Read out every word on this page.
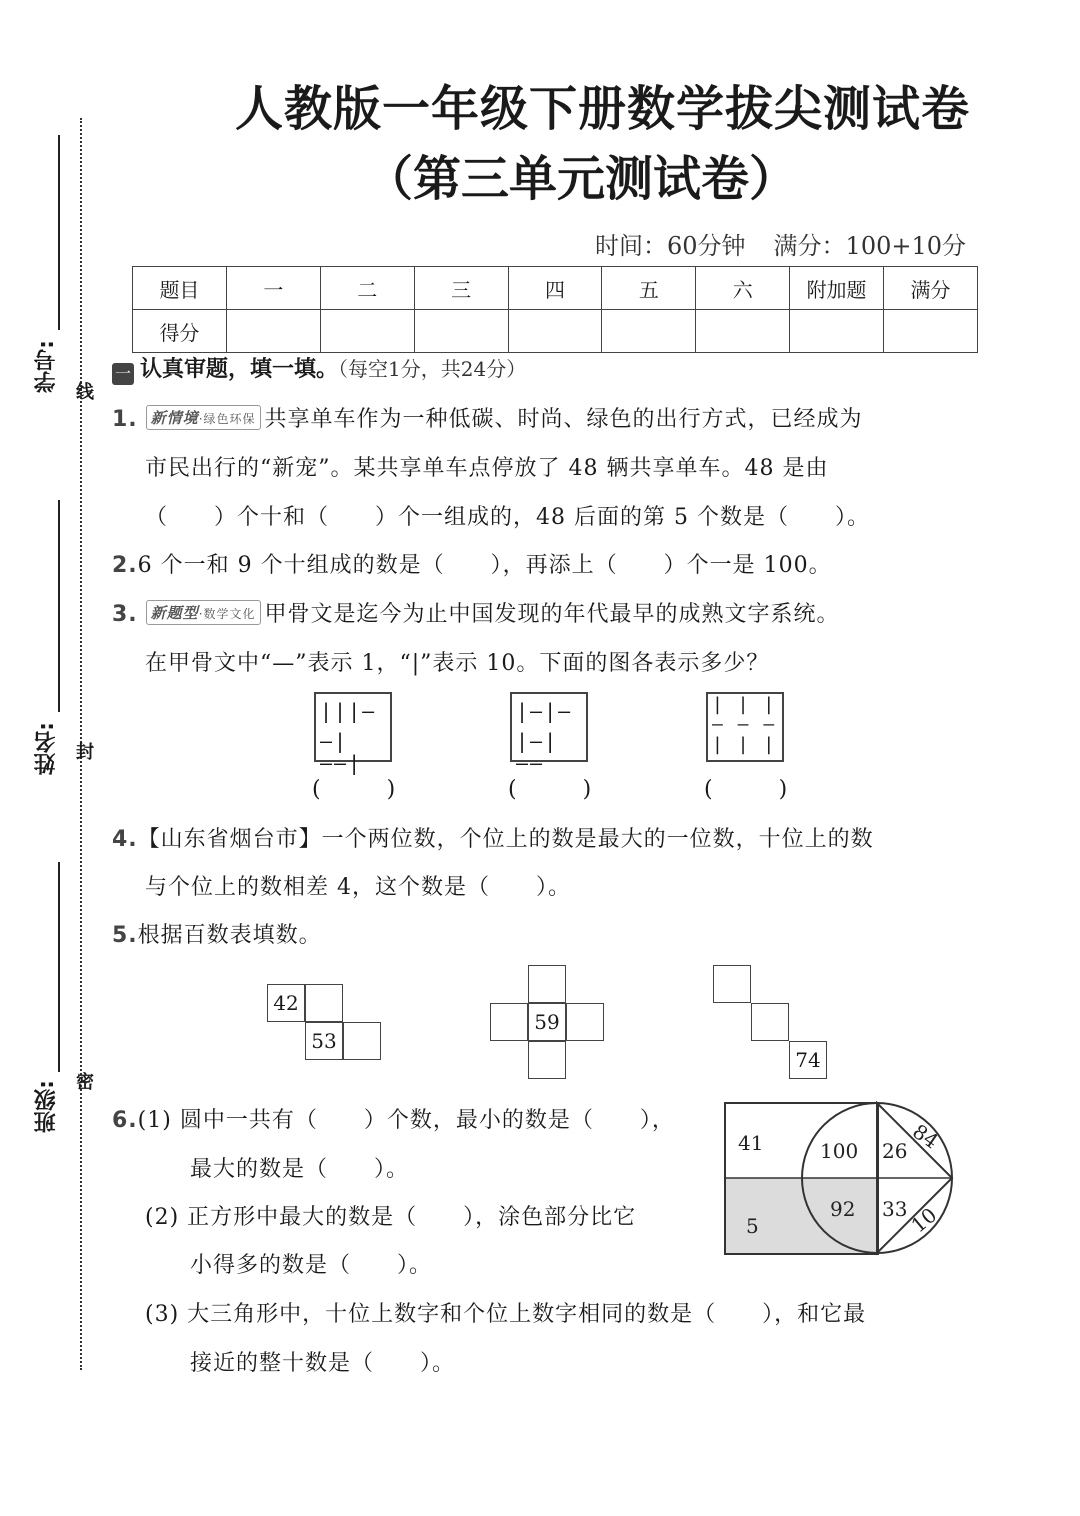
学号: 线
姓名: 封
班级: 密
人教版一年级下册数学拔尖测试卷
（第三单元测试卷）
时间：60分钟 满分：100+10分
题目	一	二	三	四	五	六	附加题	满分
得分								
一 认真审题，填一填。（每空1分，共24分）
1. 新情境·绿色环保 共享单车作为一种低碳、时尚、绿色的出行方式，已经成为
市民出行的“新宠”。某共享单车点停放了 48 辆共享单车。48 是由
（　　）个十和（　　）个一组成的，48 后面的第 5 个数是（　　）。
2.6 个一和 9 个十组成的数是（　　），再添上（　　）个一是 100。
3. 新题型·数学文化 甲骨文是迄今为止中国发现的年代最早的成熟文字系统。
在甲骨文中“—”表示 1，“|”表示 10。下面的图各表示多少？
|||—
—|——|
|—|—
|—|——
| | |
— — —
| | |
(　　　)	(　　　)	(　　　)
4.【山东省烟台市】一个两位数，个位上的数是最大的一位数，十位上的数
与个位上的数相差 4，这个数是（　　）。
5.根据百数表填数。
42
53
59
74
6.(1) 圆中一共有（　　）个数，最小的数是（　　），
最大的数是（　　）。
(2) 正方形中最大的数是（　　），涂色部分比它
小得多的数是（　　）。
(3) 大三角形中，十位上数字和个位上数字相同的数是（　　），和它最
接近的整十数是（　　）。
41	100 26 84
5
92 33
10
